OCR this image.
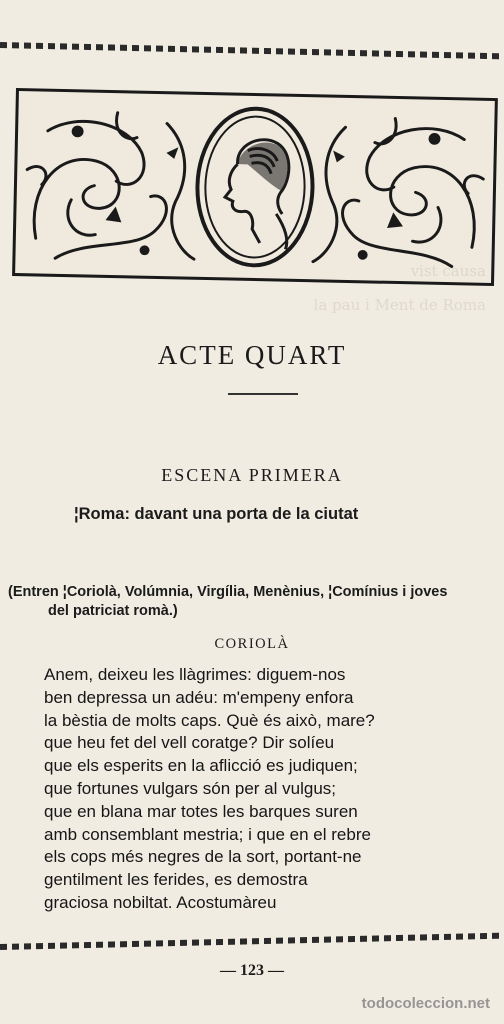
vist causa
la pau i Ment de Roma
ACTE QUART
ESCENA PRIMERA
¦Roma: davant una porta de la ciutat
(Entren ¦Coriolà, Volúmnia, Virgília, Menènius, ¦Comínius i joves
del patriciat romà.)
CORIOLÀ
Anem, deixeu les llàgrimes: diguem-nos
ben depressa un adéu: m'empeny enfora
la bèstia de molts caps. Què és això, mare?
que heu fet del vell coratge? Dir solíeu
que els esperits en la aflicció es judiquen;
que fortunes vulgars són per al vulgus;
que en blana mar totes les barques suren
amb consemblant mestria; i que en el rebre
els cops més negres de la sort, portant-ne
gentilment les ferides, es demostra
graciosa nobiltat. Acostumàreu
— 123 —
todocoleccion.net
